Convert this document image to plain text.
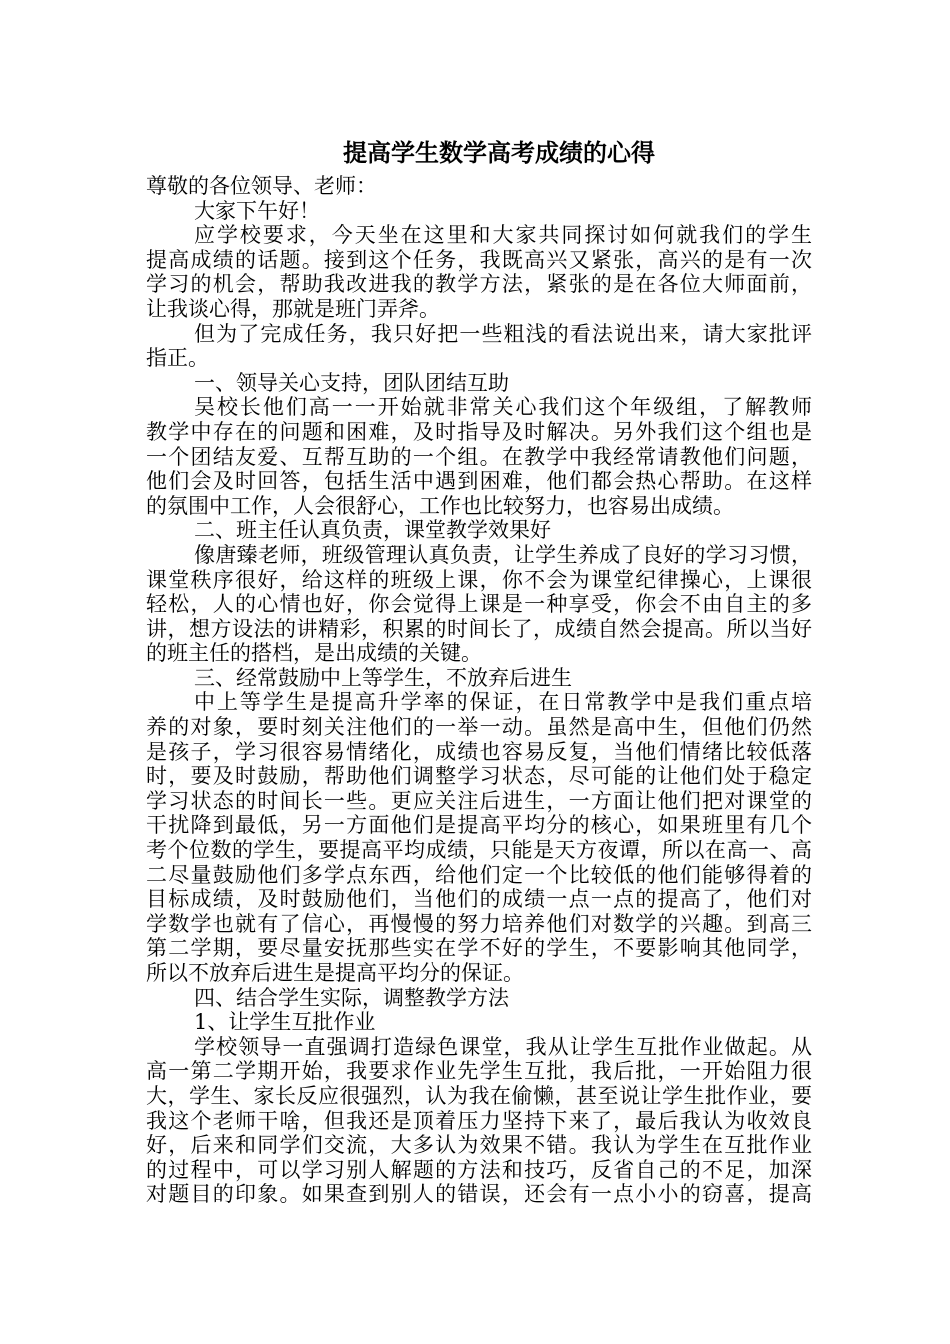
提高学生数学高考成绩的心得
尊敬的各位领导、老师：
大家下午好！
应学校要求，今天坐在这里和大家共同探讨如何就我们的学生
提高成绩的话题。接到这个任务，我既高兴又紧张，高兴的是有一次
学习的机会，帮助我改进我的教学方法，紧张的是在各位大师面前，
让我谈心得，那就是班门弄斧。
但为了完成任务，我只好把一些粗浅的看法说出来，请大家批评
指正。
一、领导关心支持，团队团结互助
吴校长他们高一一开始就非常关心我们这个年级组，了解教师
教学中存在的问题和困难，及时指导及时解决。另外我们这个组也是
一个团结友爱、互帮互助的一个组。在教学中我经常请教他们问题，
他们会及时回答，包括生活中遇到困难，他们都会热心帮助。在这样
的氛围中工作，人会很舒心，工作也比较努力，也容易出成绩。
二、班主任认真负责，课堂教学效果好
像唐臻老师，班级管理认真负责，让学生养成了良好的学习习惯，
课堂秩序很好，给这样的班级上课，你不会为课堂纪律操心，上课很
轻松，人的心情也好，你会觉得上课是一种享受，你会不由自主的多
讲，想方设法的讲精彩，积累的时间长了，成绩自然会提高。所以当好
的班主任的搭档，是出成绩的关键。
三、经常鼓励中上等学生，不放弃后进生
中上等学生是提高升学率的保证，在日常教学中是我们重点培
养的对象，要时刻关注他们的一举一动。虽然是高中生，但他们仍然
是孩子，学习很容易情绪化，成绩也容易反复，当他们情绪比较低落
时，要及时鼓励，帮助他们调整学习状态，尽可能的让他们处于稳定
学习状态的时间长一些。更应关注后进生，一方面让他们把对课堂的
干扰降到最低，另一方面他们是提高平均分的核心，如果班里有几个
考个位数的学生，要提高平均成绩，只能是天方夜谭，所以在高一、高
二尽量鼓励他们多学点东西，给他们定一个比较低的他们能够得着的
目标成绩，及时鼓励他们，当他们的成绩一点一点的提高了，他们对
学数学也就有了信心，再慢慢的努力培养他们对数学的兴趣。到高三
第二学期，要尽量安抚那些实在学不好的学生，不要影响其他同学，
所以不放弃后进生是提高平均分的保证。
四、结合学生实际，调整教学方法
1、让学生互批作业
学校领导一直强调打造绿色课堂，我从让学生互批作业做起。从
高一第二学期开始，我要求作业先学生互批，我后批，一开始阻力很
大，学生、家长反应很强烈，认为我在偷懒，甚至说让学生批作业，要
我这个老师干啥，但我还是顶着压力坚持下来了，最后我认为收效良
好，后来和同学们交流，大多认为效果不错。我认为学生在互批作业
的过程中，可以学习别人解题的方法和技巧，反省自己的不足，加深
对题目的印象。如果查到别人的错误，还会有一点小小的窃喜，提高
